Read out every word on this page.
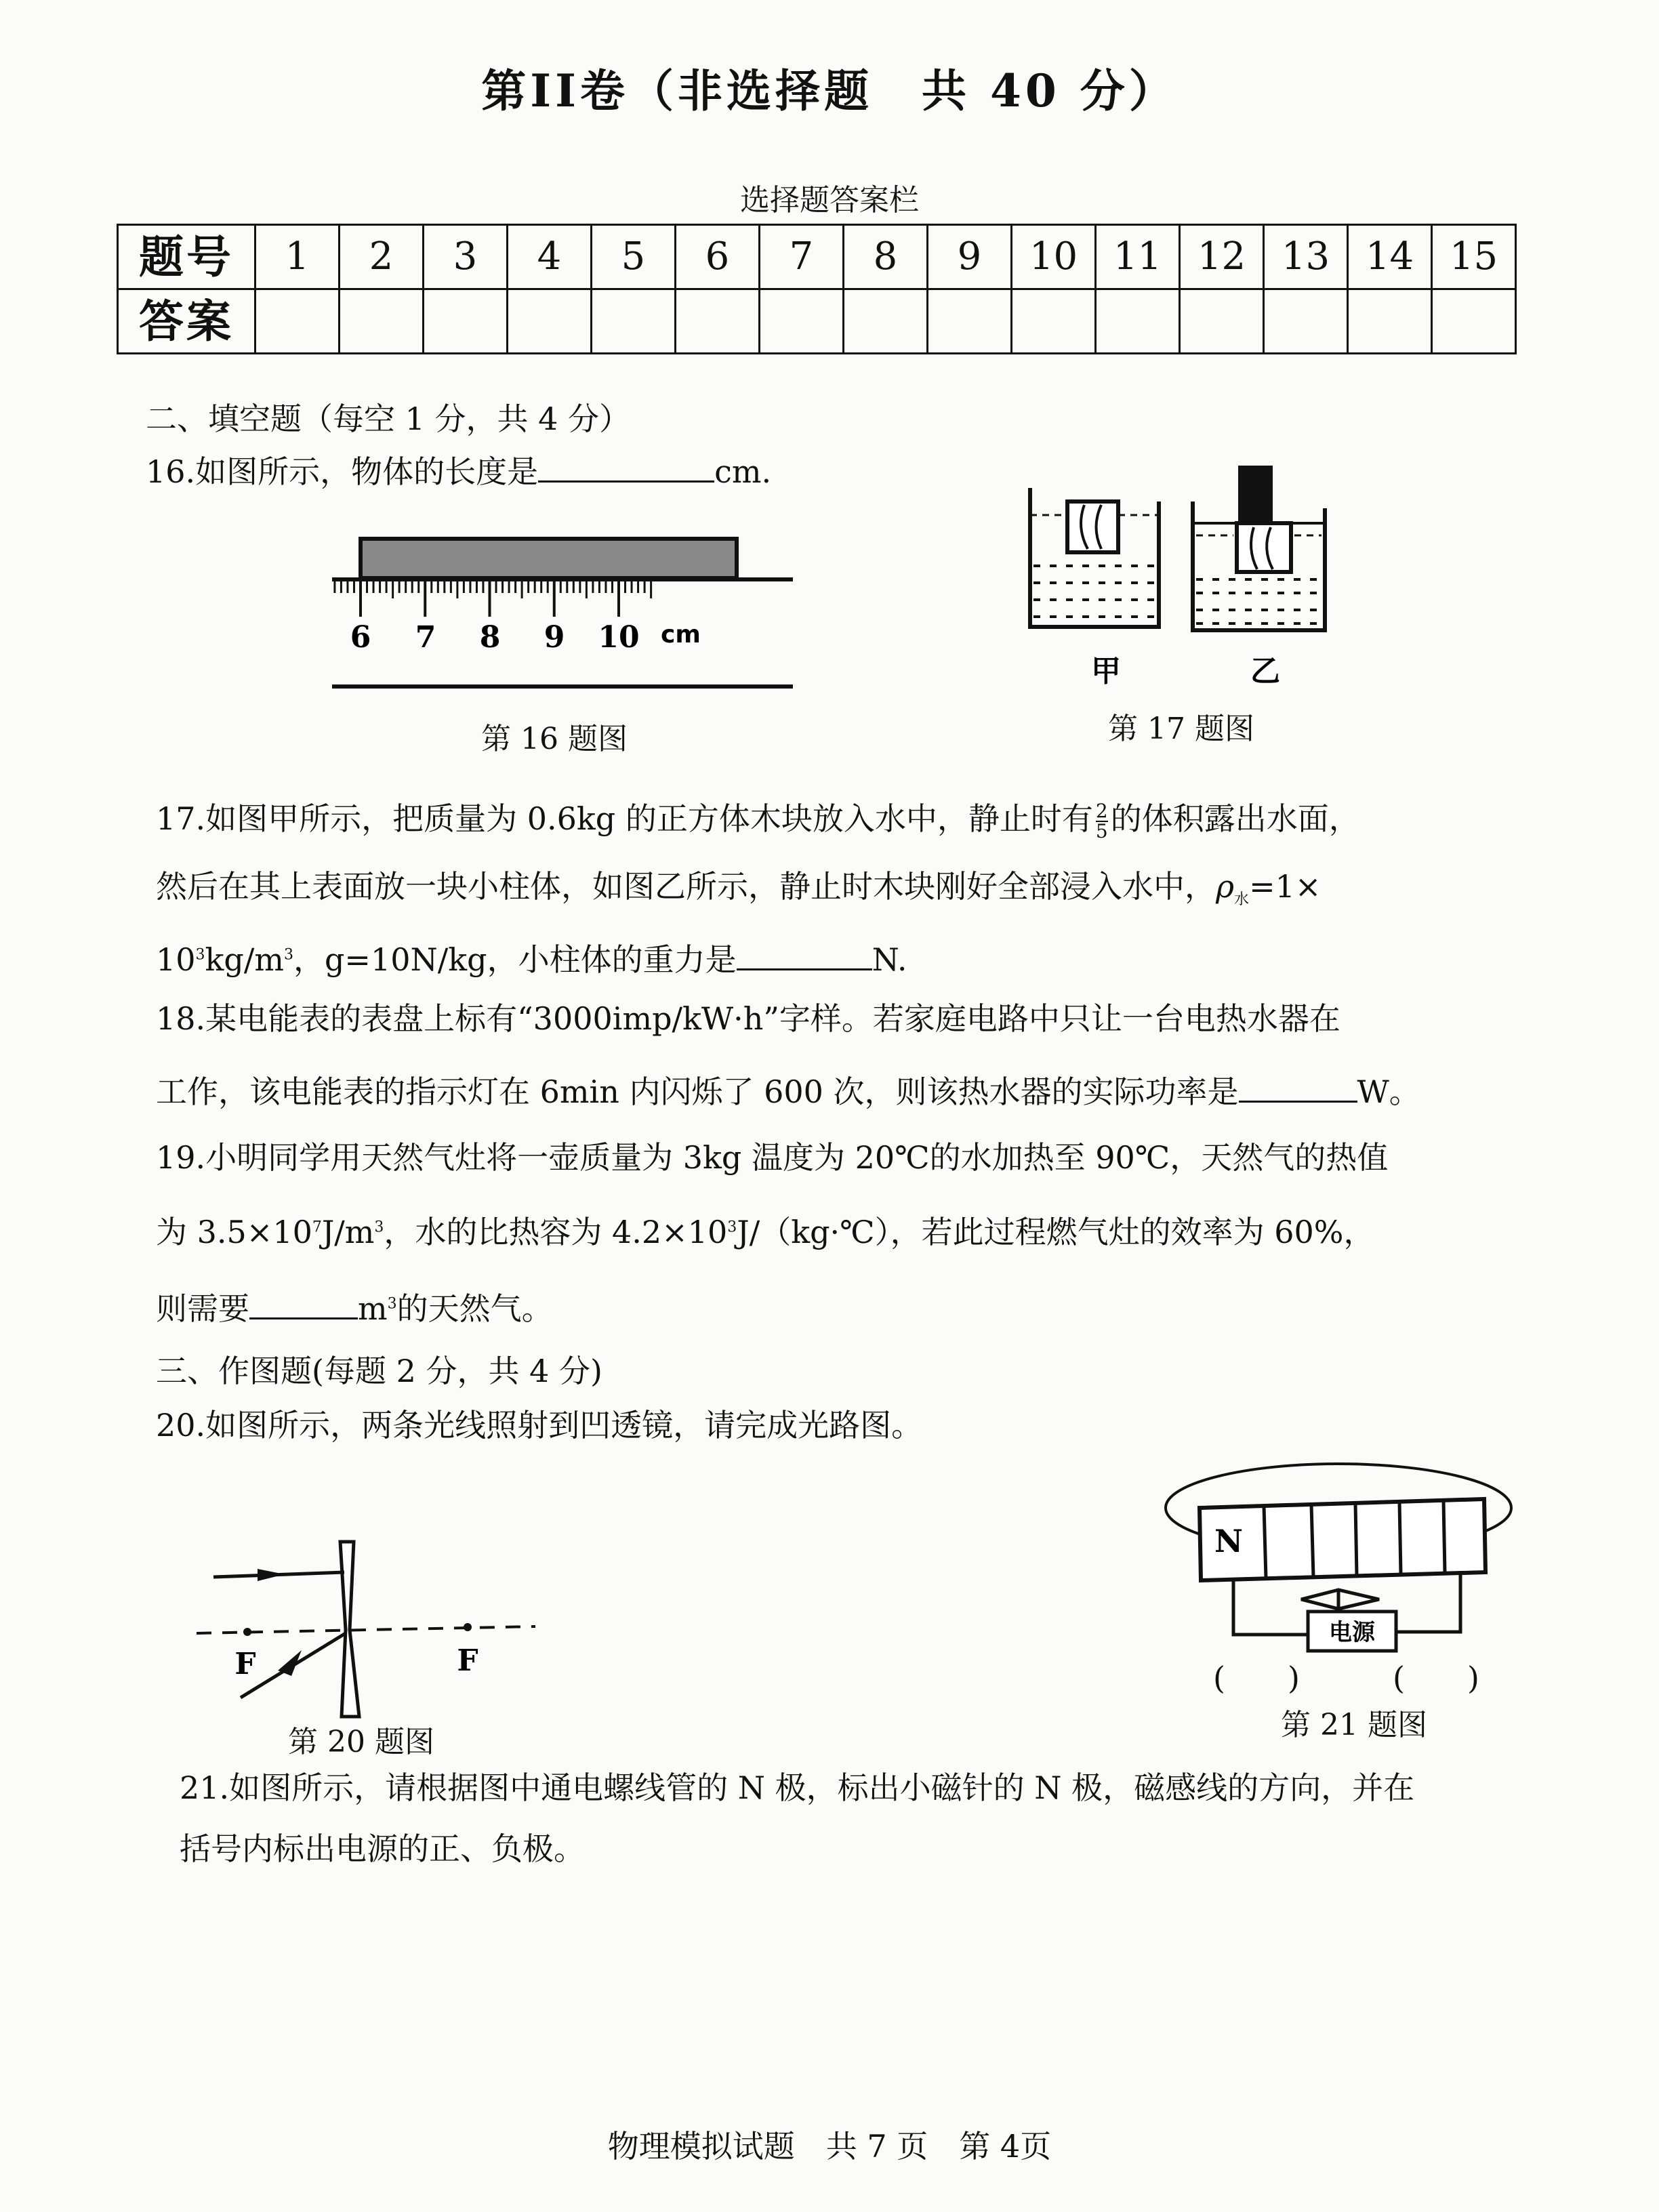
第II卷（非选择题　共 40 分）
选择题答案栏
题号	1	2	3	4	5	6	7	8	9	10	11	12	13	14	15
答案															
二、填空题（每空 1 分，共 4 分）
16.如图所示，物体的长度是	cm.
6 7 8 9 10 cm
第 16 题图
甲	乙
第 17 题图
17.如图甲所示，把质量为 0.6kg 的正方体木块放入水中，静止时有 $\frac{2}{5}$ 的体积露出水面，
然后在其上表面放一块小柱体，如图乙所示，静止时木块刚好全部浸入水中，$\rho_水=1\times$
$10^3kg/m^3$，g=10N/kg，小柱体的重力是	N.
18.某电能表的表盘上标有“3000imp/kW·h”字样。若家庭电路中只让一台电热水器在
工作，该电能表的指示灯在 6min 内闪烁了 600 次，则该热水器的实际功率是	W。
19.小明同学用天然气灶将一壶质量为 3kg 温度为 20℃的水加热至 90℃，天然气的热值
为 $3.5\times 10^7J/m^3$，水的比热容为 $4.2\times 10^3J/(kg\cdot℃)$，若此过程燃气灶的效率为 60%，
则需要	$m^3$的天然气。
三、作图题(每题 2 分，共 4 分)
20.如图所示，两条光线照射到凹透镜，请完成光路图。
F	F
第 20 题图
N
电源
(　　)	(　　)
第 21 题图
21.如图所示，请根据图中通电螺线管的 N 极，标出小磁针的 N 极，磁感线的方向，并在
括号内标出电源的正、负极。
物理模拟试题　共 7 页　第 4页
